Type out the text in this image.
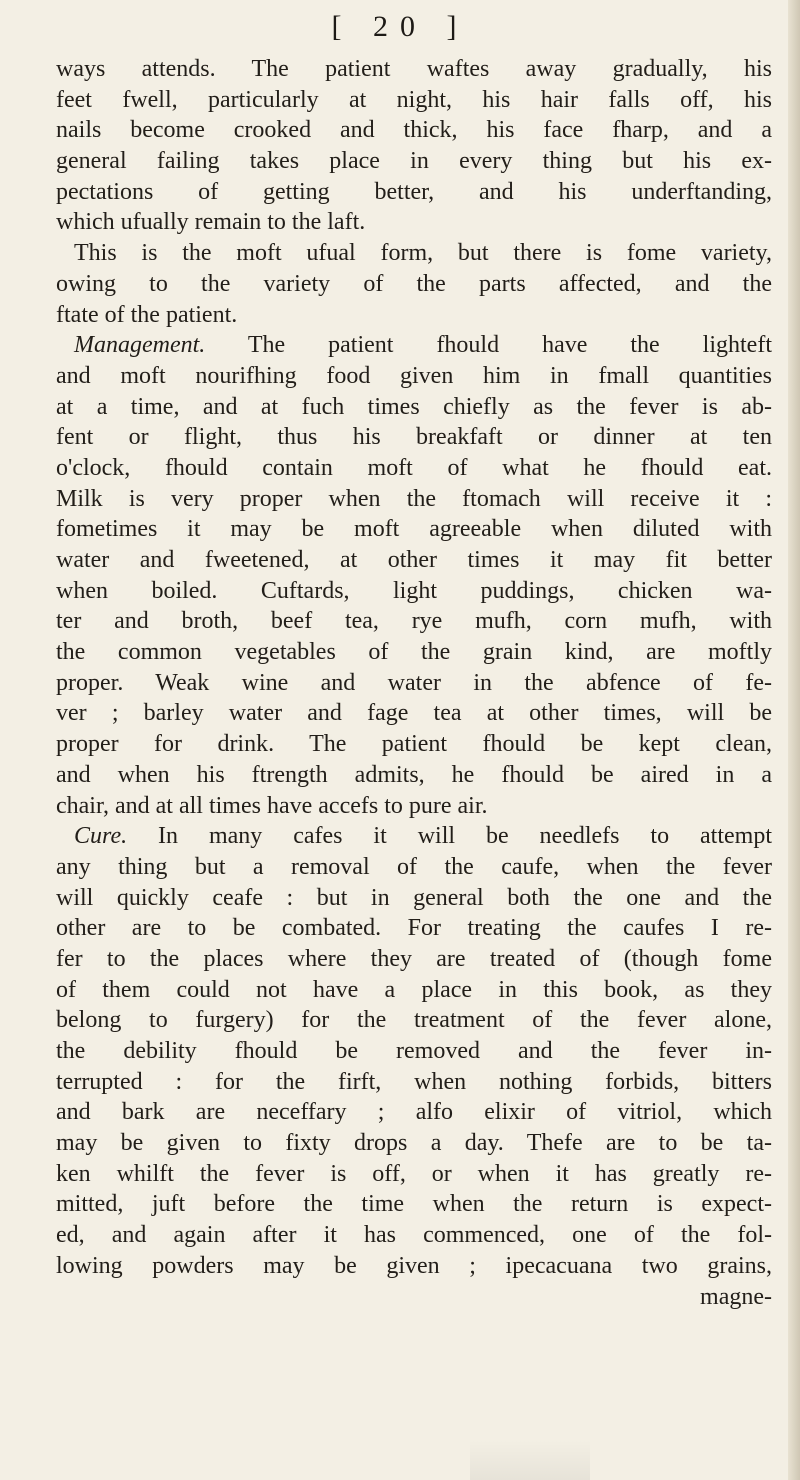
[ 20 ]
ways attends. The patient waftes away gradually, his
feet fwell, particularly at night, his hair falls off, his
nails become crooked and thick, his face fharp, and a
general failing takes place in every thing but his ex-
pectations of getting better, and his underftanding,
which ufually remain to the laft.
This is the moft ufual form, but there is fome variety,
owing to the variety of the parts affected, and the
ftate of the patient.
Management. The patient fhould have the lighteft
and moft nourifhing food given him in fmall quantities
at a time, and at fuch times chiefly as the fever is ab-
fent or flight, thus his breakfaft or dinner at ten
o'clock, fhould contain moft of what he fhould eat.
Milk is very proper when the ftomach will receive it :
fometimes it may be moft agreeable when diluted with
water and fweetened, at other times it may fit better
when boiled. Cuftards, light puddings, chicken wa-
ter and broth, beef tea, rye mufh, corn mufh, with
the common vegetables of the grain kind, are moftly
proper. Weak wine and water in the abfence of fe-
ver ; barley water and fage tea at other times, will be
proper for drink. The patient fhould be kept clean,
and when his ftrength admits, he fhould be aired in a
chair, and at all times have accefs to pure air.
Cure. In many cafes it will be needlefs to attempt
any thing but a removal of the caufe, when the fever
will quickly ceafe : but in general both the one and the
other are to be combated. For treating the caufes I re-
fer to the places where they are treated of (though fome
of them could not have a place in this book, as they
belong to furgery) for the treatment of the fever alone,
the debility fhould be removed and the fever in-
terrupted : for the firft, when nothing forbids, bitters
and bark are neceffary ; alfo elixir of vitriol, which
may be given to fixty drops a day. Thefe are to be ta-
ken whilft the fever is off, or when it has greatly re-
mitted, juft before the time when the return is expect-
ed, and again after it has commenced, one of the fol-
lowing powders may be given ; ipecacuana two grains,
magne-
